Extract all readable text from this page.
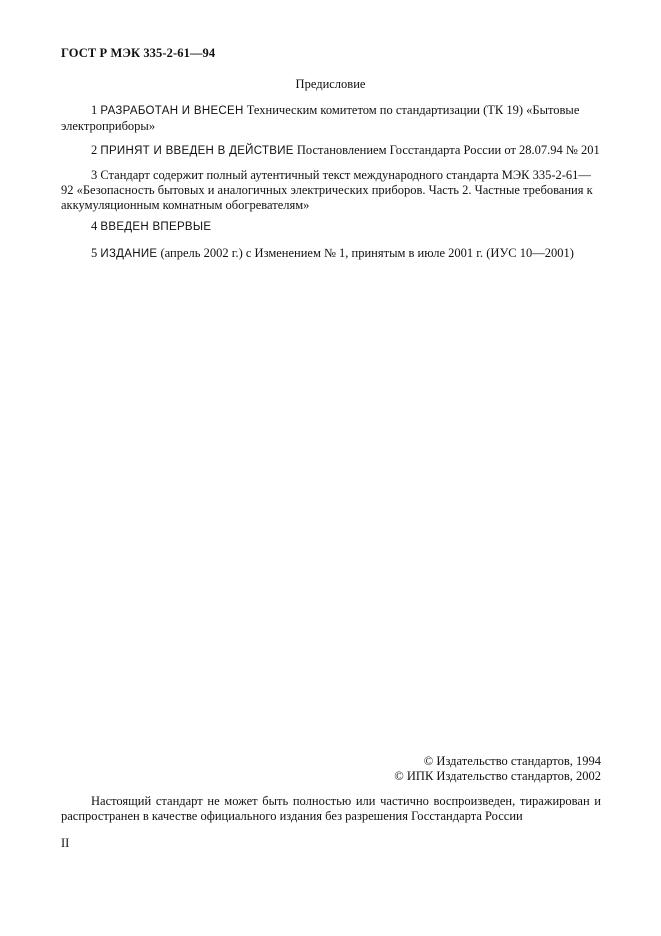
ГОСТ Р МЭК 335-2-61—94
Предисловие
1 РАЗРАБОТАН И ВНЕСЕН Техническим комитетом по стандартизации (ТК 19) «Бытовые электроприборы»
2 ПРИНЯТ И ВВЕДЕН В ДЕЙСТВИЕ Постановлением Госстандарта России от 28.07.94 № 201
3 Стандарт содержит полный аутентичный текст международного стандарта МЭК 335-2-61—92 «Безопасность бытовых и аналогичных электрических приборов. Часть 2. Частные требования к аккумуляционным комнатным обогревателям»
4 ВВЕДЕН ВПЕРВЫЕ
5 ИЗДАНИЕ (апрель 2002 г.) с Изменением № 1, принятым в июле 2001 г. (ИУС 10—2001)
© Издательство стандартов, 1994
© ИПК Издательство стандартов, 2002
Настоящий стандарт не может быть полностью или частично воспроизведен, тиражирован и распространен в качестве официального издания без разрешения Госстандарта России
II
